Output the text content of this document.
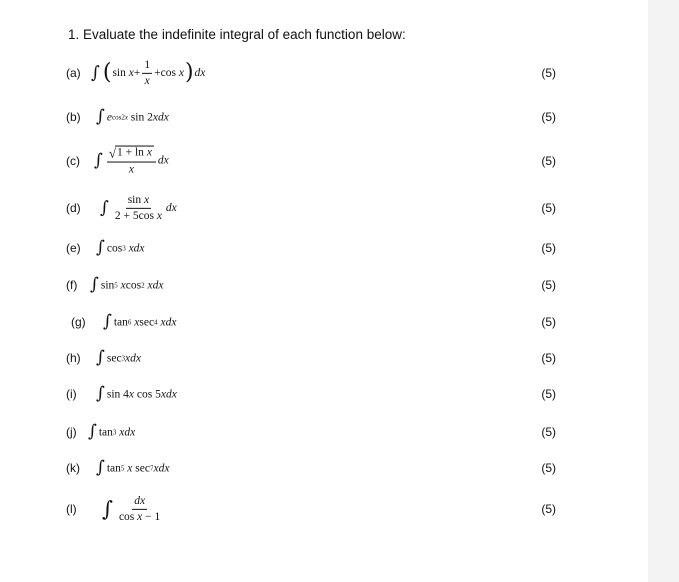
1. Evaluate the indefinite integral of each function below:
(a) ∫ ( sin
$x + \frac{1}{x} + \cos$
x ) dx	(5)
(b) ∫ e cos2x
sin
2 xdx	(5)
(c) ∫ $\frac{\text{√ 1 + ln x}}{x}$ dx	(5)
(d) ∫ $\frac{\text{sin x}}{\text{2 + 5cos x}}$ dx	(5)
(e) ∫ cos 3
xdx	(5)
(f) ∫ sin 5
x cos 2
xdx	(5)
(g) ∫ tan 6
x sec 4
xdx	(5)
(h) ∫ sec 3 xdx	(5)
(i) ∫ sin 4 x
cos 5 xdx	(5)
(j) ∫ tan 3
xdx	(5)
(k) ∫ tan 5
x
sec 7 xdx	(5)
(l) ∫ $\frac{dx}{\text{cos x − 1}}$	(5)
